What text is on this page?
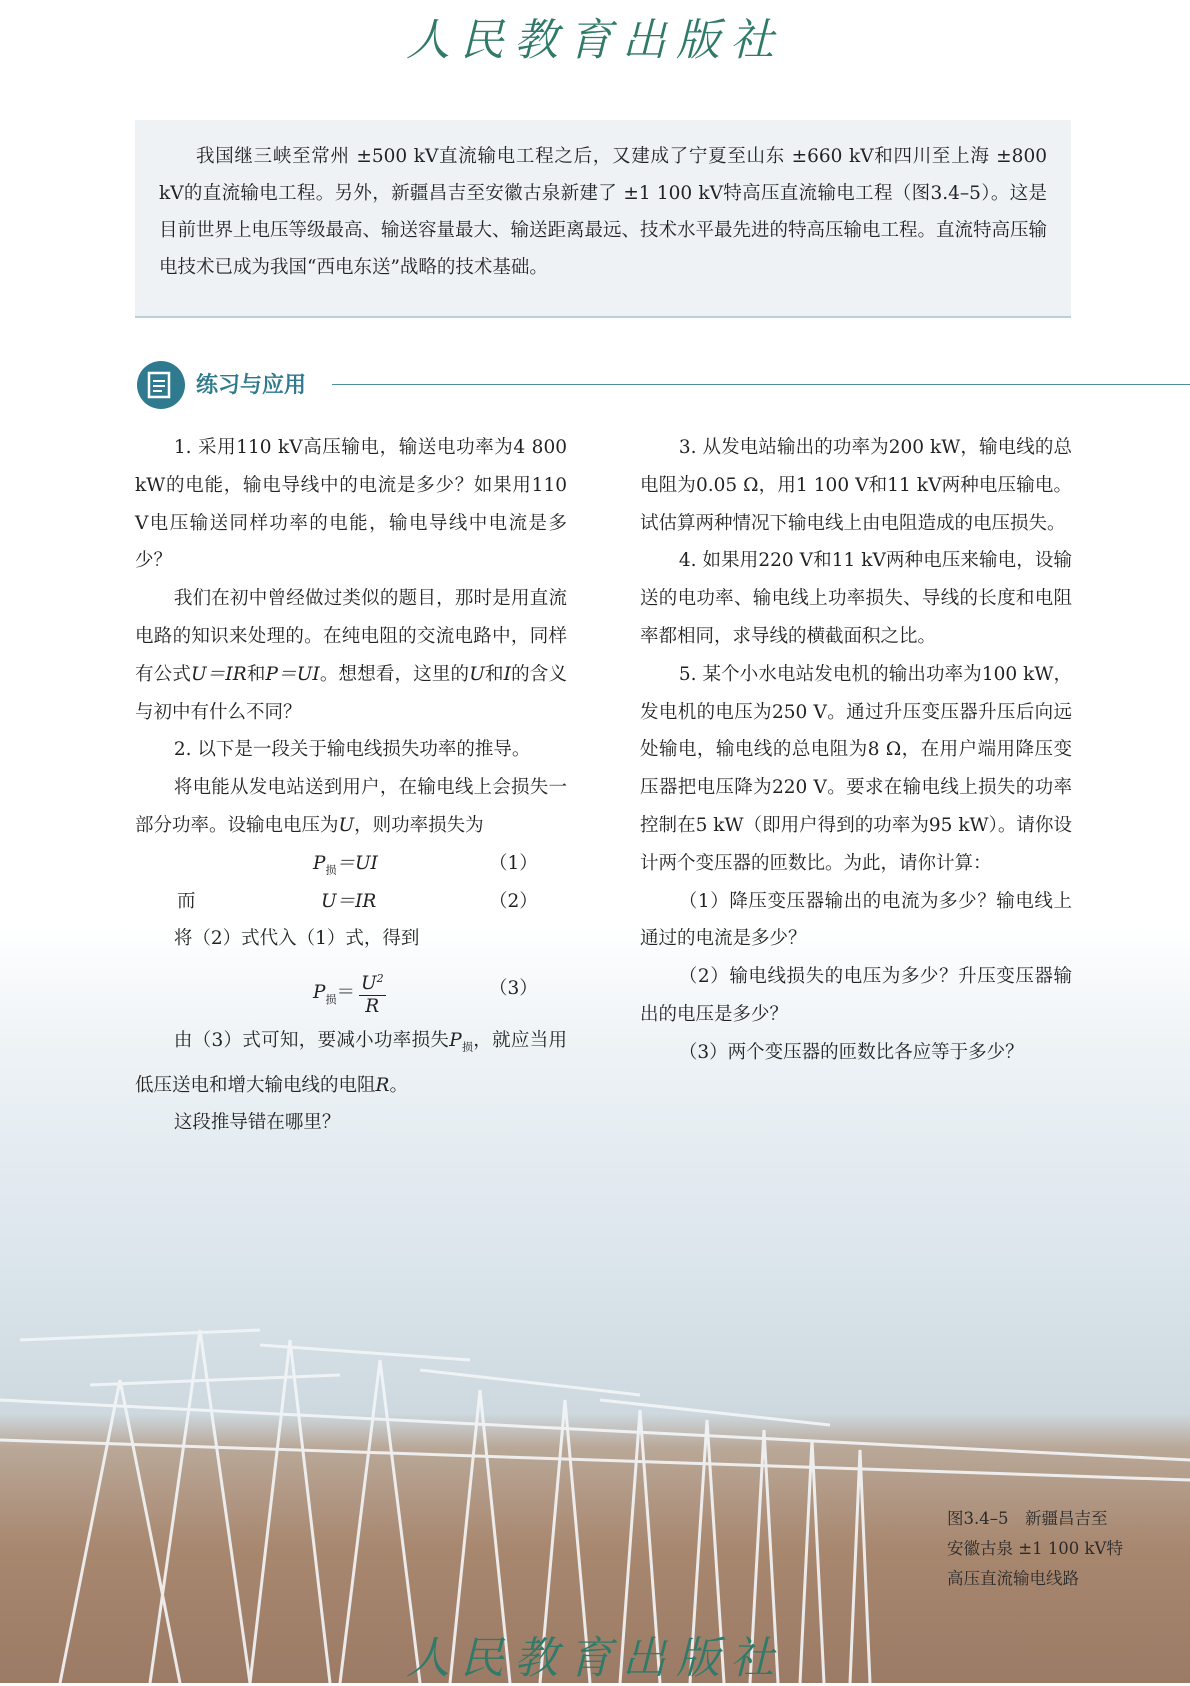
人民教育出版社

我国继三峡至常州 ±500 kV直流输电工程之后，又建成了宁夏至山东 ±660 kV和四川至上海 ±800 kV的直流输电工程。另外，新疆昌吉至安徽古泉新建了 ±1 100 kV特高压直流输电工程（图3.4–5）。这是目前世界上电压等级最高、输送容量最大、输送距离最远、技术水平最先进的特高压输电工程。直流特高压输电技术已成为我国“西电东送”战略的技术基础。

练习与应用

1. 采用110 kV高压输电，输送电功率为4 800 kW的电能，输电导线中的电流是多少？如果用110 V电压输送同样功率的电能，输电导线中电流是多少？

我们在初中曾经做过类似的题目，那时是用直流电路的知识来处理的。在纯电阻的交流电路中，同样有公式U＝IR和P＝UI。想想看，这里的U和I的含义与初中有什么不同？

2. 以下是一段关于输电线损失功率的推导。

将电能从发电站送到用户，在输电线上会损失一部分功率。设输电电压为U，则功率损失为

$P_损=UI$	（1）
而	U＝IR	（2）

将（2）式代入（1）式，得到

$P_损= \frac{U^2}{R}$	（3）

由（3）式可知，要减小功率损失$P_损$，就应当用低压送电和增大输电线的电阻R。

这段推导错在哪里？

3. 从发电站输出的功率为200 kW，输电线的总电阻为0.05 Ω，用1 100 V和11 kV两种电压输电。试估算两种情况下输电线上由电阻造成的电压损失。

4. 如果用220 V和11 kV两种电压来输电，设输送的电功率、输电线上功率损失、导线的长度和电阻率都相同，求导线的横截面积之比。

5. 某个小水电站发电机的输出功率为100 kW，发电机的电压为250 V。通过升压变压器升压后向远处输电，输电线的总电阻为8 Ω，在用户端用降压变压器把电压降为220 V。要求在输电线上损失的功率控制在5 kW（即用户得到的功率为95 kW）。请你设计两个变压器的匝数比。为此，请你计算：

（1）降压变压器输出的电流为多少？输电线上通过的电流是多少？

（2）输电线损失的电压为多少？升压变压器输出的电压是多少？

（3）两个变压器的匝数比各应等于多少？

图3.4–5　新疆昌吉至
安徽古泉 ±1 100 kV特
高压直流输电线路
人民教育出版社
